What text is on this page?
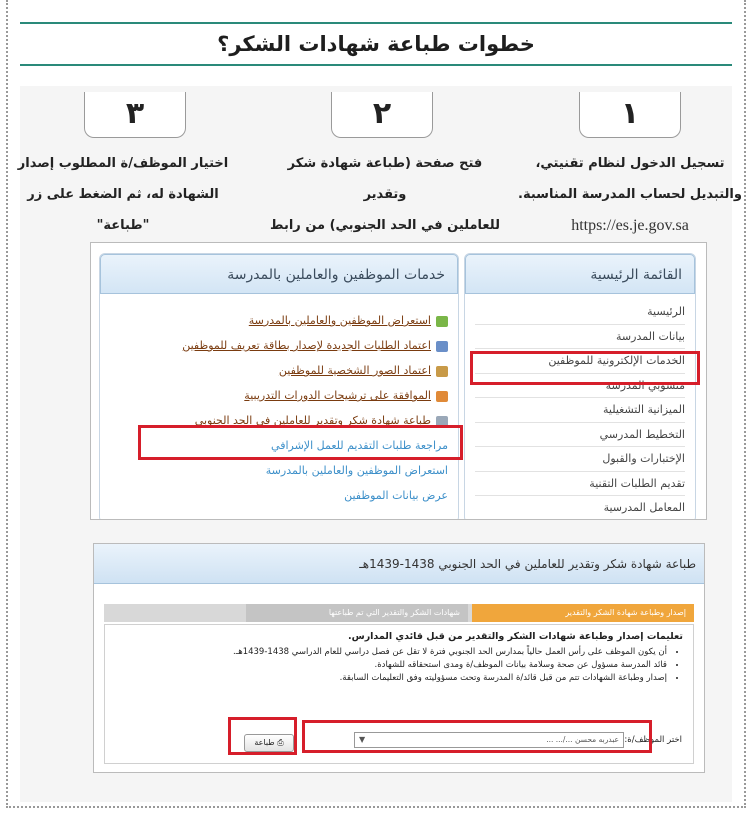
خطوات طباعة شهادات الشكر؟
١
٢
٣
تسجيل الدخول لنظام تقنيتي،
والتبديل لحساب المدرسة المناسبة.
https://es.je.gov.sa
فتح صفحة (طباعة شهادة شكر وتقدير
للعاملين في الحد الجنوبي) من رابط
اختيار الموظف/ة المطلوب إصدار
الشهادة له، ثم الضغط على زر
"طباعة"
القائمة الرئيسية
الرئيسية
بيانات المدرسة
الخدمات الإلكترونية للموظفين
منسوبي المدرسة
الميزانية التشغيلية
التخطيط المدرسي
الإختبارات والقبول
تقديم الطلبات التقنية
المعامل المدرسية
خدمات الموظفين والعاملين بالمدرسة
استعراض الموظفين والعاملين بالمدرسة
اعتماد الطلبات الجديدة لإصدار بطاقة تعريف للموظفين
اعتماد الصور الشخصية للموظفين
الموافقة على ترشيحات الدورات التدريبية
طباعة شهادة شكر وتقدير للعاملين في الحد الجنوبي
مراجعة طلبات التقديم للعمل الإشرافي
استعراض الموظفين والعاملين بالمدرسة
عرض بيانات الموظفين
طباعة شهادة شكر وتقدير للعاملين في الحد الجنوبي 1438-1439هـ
إصدار وطباعة شهادة الشكر والتقدير
شهادات الشكر والتقدير التي تم طباعتها
تعليمات إصدار وطباعة شهادات الشكر والتقدير من قبل قائدي المدارس.
• أن يكون الموظف على رأس العمل حالياً بمدارس الحد الجنوبي فترة لا تقل عن فصل دراسي للعام الدراسي 1438-1439هـ.
• قائد المدرسة مسؤول عن صحة وسلامة بيانات الموظف/ة ومدى استحقاقه للشهادة.
• إصدار وطباعة الشهادات تتم من قبل قائد/ة المدرسة وتحت مسؤوليته وفق التعليمات السابقة.
اختر الموظف/ة:
عبدربه محسن .../... ...
▼
⎙ طباعة
